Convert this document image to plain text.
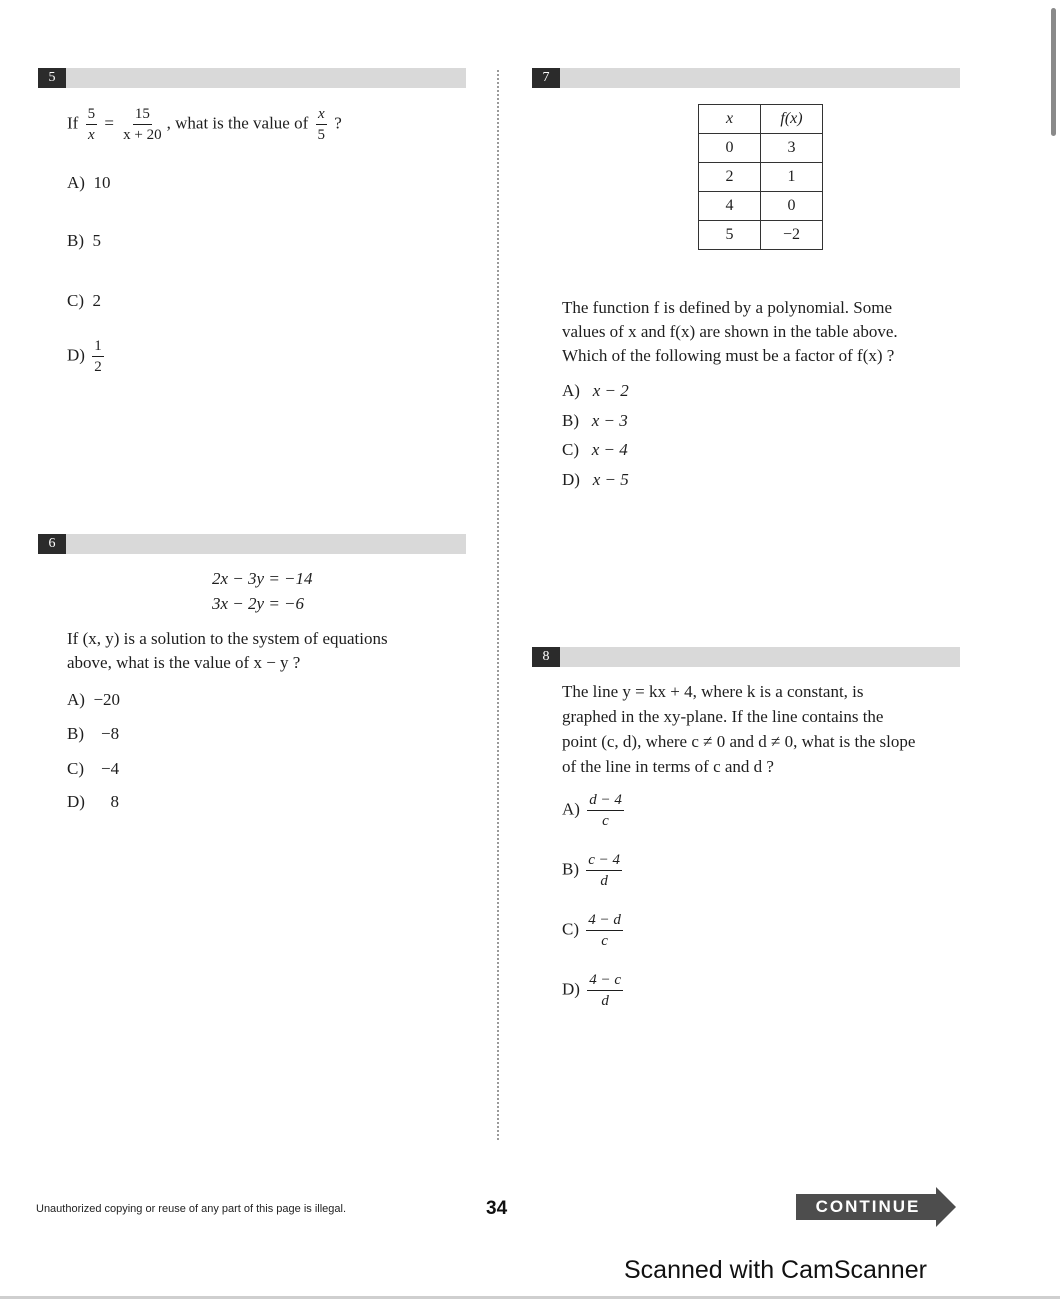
5
If $\frac{5}{x} = \frac{15}{x + 20}$ , what is the value of $\frac{x}{5}$ ?
A) 10
B) 5
C) 2
$D) \frac{1}{2}$
6
2x − 3y = −14
3x − 2y = −6
If (x, y) is a solution to the system of equations
above, what is the value of x − y ?
A) −20
B) −8
C) −4
D) 8
7
x	f(x)
0	3
2	1
4	0
5	−2
The function f is defined by a polynomial. Some
values of x and f(x) are shown in the table above.
Which of the following must be a factor of f(x) ?
A) x − 2
B) x − 3
C) x − 4
D) x − 5
8
The line y = kx + 4, where k is a constant, is
graphed in the xy-plane. If the line contains the
point (c, d), where c ≠ 0 and d ≠ 0, what is the slope
of the line in terms of c and d ?
$A) \frac{d - 4}{c}$
$B) \frac{c - 4}{d}$
$C) \frac{4 - d}{c}$
$D) \frac{4 - c}{d}$
Unauthorized copying or reuse of any part of this page is illegal.	34	CONTINUE
Scanned with CamScanner
